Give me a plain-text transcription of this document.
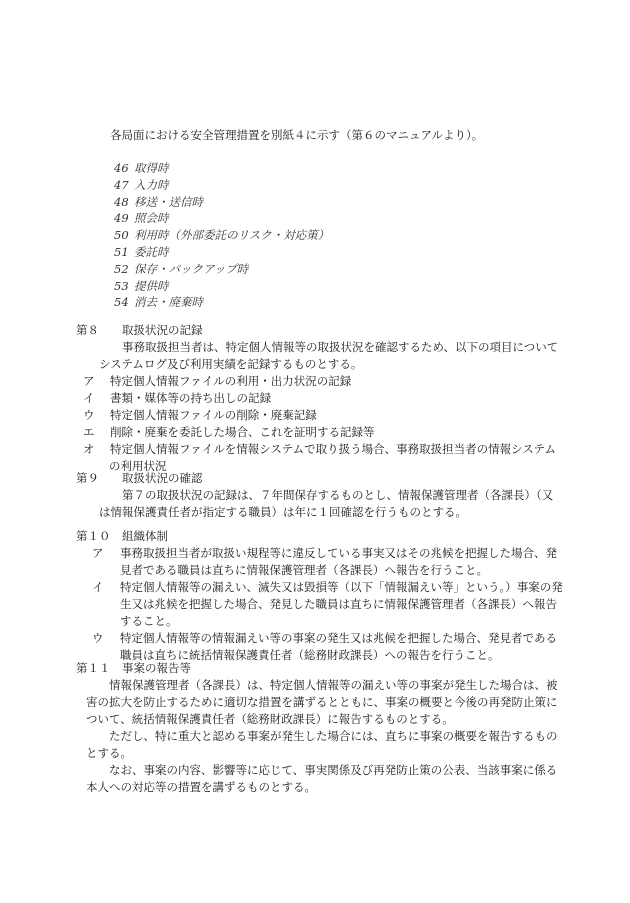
各局面における安全管理措置を別紙４に示す（第６のマニュアルより）。
46 取得時
47 入力時
48 移送・送信時
49 照会時
50 利用時（外部委託のリスク・対応策）
51 委託時
52 保存・バックアップ時
53 提供時
54 消去・廃棄時
第８ 取扱状況の記録

事務取扱担当者は、特定個人情報等の取扱状況を確認するため、以下の項目についてシステムログ及び利用実績を記録するものとする。

ア 特定個人情報ファイルの利用・出力状況の記録
イ 書類・媒体等の持ち出しの記録
ウ 特定個人情報ファイルの削除・廃棄記録
エ 削除・廃棄を委託した場合、これを証明する記録等
オ 特定個人情報ファイルを情報システムで取り扱う場合、事務取扱担当者の情報システムの利用状況
第９ 取扱状況の確認

第７の取扱状況の記録は、７年間保存するものとし、情報保護管理者（各課長）（又は情報保護責任者が指定する職員）は年に１回確認を行うものとする。

第１０ 組織体制
ア 事務取扱担当者が取扱い規程等に違反している事実又はその兆候を把握した場合、発見者である職員は直ちに情報保護管理者（各課長）へ報告を行うこと。
イ 特定個人情報等の漏えい、滅失又は毀損等（以下「情報漏えい等」という。）事案の発生又は兆候を把握した場合、発見した職員は直ちに情報保護管理者（各課長）へ報告すること。
ウ 特定個人情報等の情報漏えい等の事案の発生又は兆候を把握した場合、発見者である職員は直ちに統括情報保護責任者（総務財政課長）への報告を行うこと。
第１１ 事案の報告等

情報保護管理者（各課長）は、特定個人情報等の漏えい等の事案が発生した場合は、被害の拡大を防止するために適切な措置を講ずるとともに、事案の概要と今後の再発防止策について、統括情報保護責任者（総務財政課長）に報告するものとする。

ただし、特に重大と認める事案が発生した場合には、直ちに事案の概要を報告するものとする。

なお、事案の内容、影響等に応じて、事実関係及び再発防止策の公表、当該事案に係る本人への対応等の措置を講ずるものとする。
